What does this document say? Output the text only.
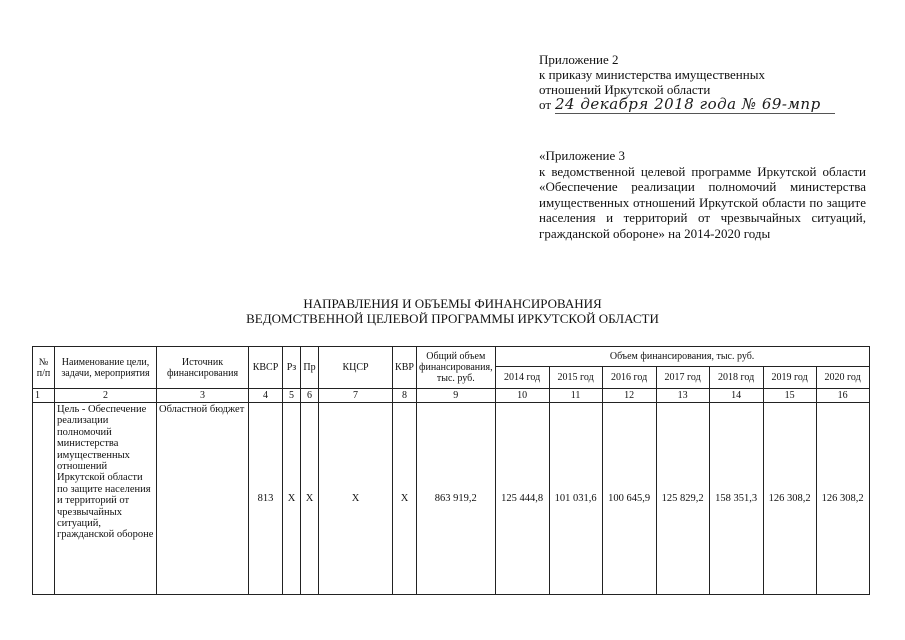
Приложение 2
к приказу министерства имущественных
отношений Иркутской области
от 24 декабря 2018 года № 69-мпр
«Приложение 3
к ведомственной целевой программе Иркутской области «Обеспечение реализации полномочий министерства имущественных отношений Иркутской области по защите населения и территорий от чрезвычайных ситуаций, гражданской обороне» на 2014-2020 годы
НАПРАВЛЕНИЯ И ОБЪЕМЫ ФИНАНСИРОВАНИЯ
ВЕДОМСТВЕННОЙ ЦЕЛЕВОЙ ПРОГРАММЫ ИРКУТСКОЙ ОБЛАСТИ
№ п/п	Наименование цели, задачи, мероприятия	Источник финансирования	КВСР	Рз	Пр	КЦСР	КВР	Общий объем финансирования, тыс. руб.	Объем финансирования, тыс. руб.						
									2014 год	2015 год	2016 год	2017 год	2018 год	2019 год	2020 год
1	2	3	4	5	6	7	8	9	10	11	12	13	14	15	16
	Цель - Обеспечение реализации полномочий министерства имущественных отношений Иркутской области по защите населения и территорий от чрезвычайных ситуаций, гражданской обороне	Областной бюджет	813	Х	Х	Х	Х	863 919,2	125 444,8	101 031,6	100 645,9	125 829,2	158 351,3	126 308,2	126 308,2
